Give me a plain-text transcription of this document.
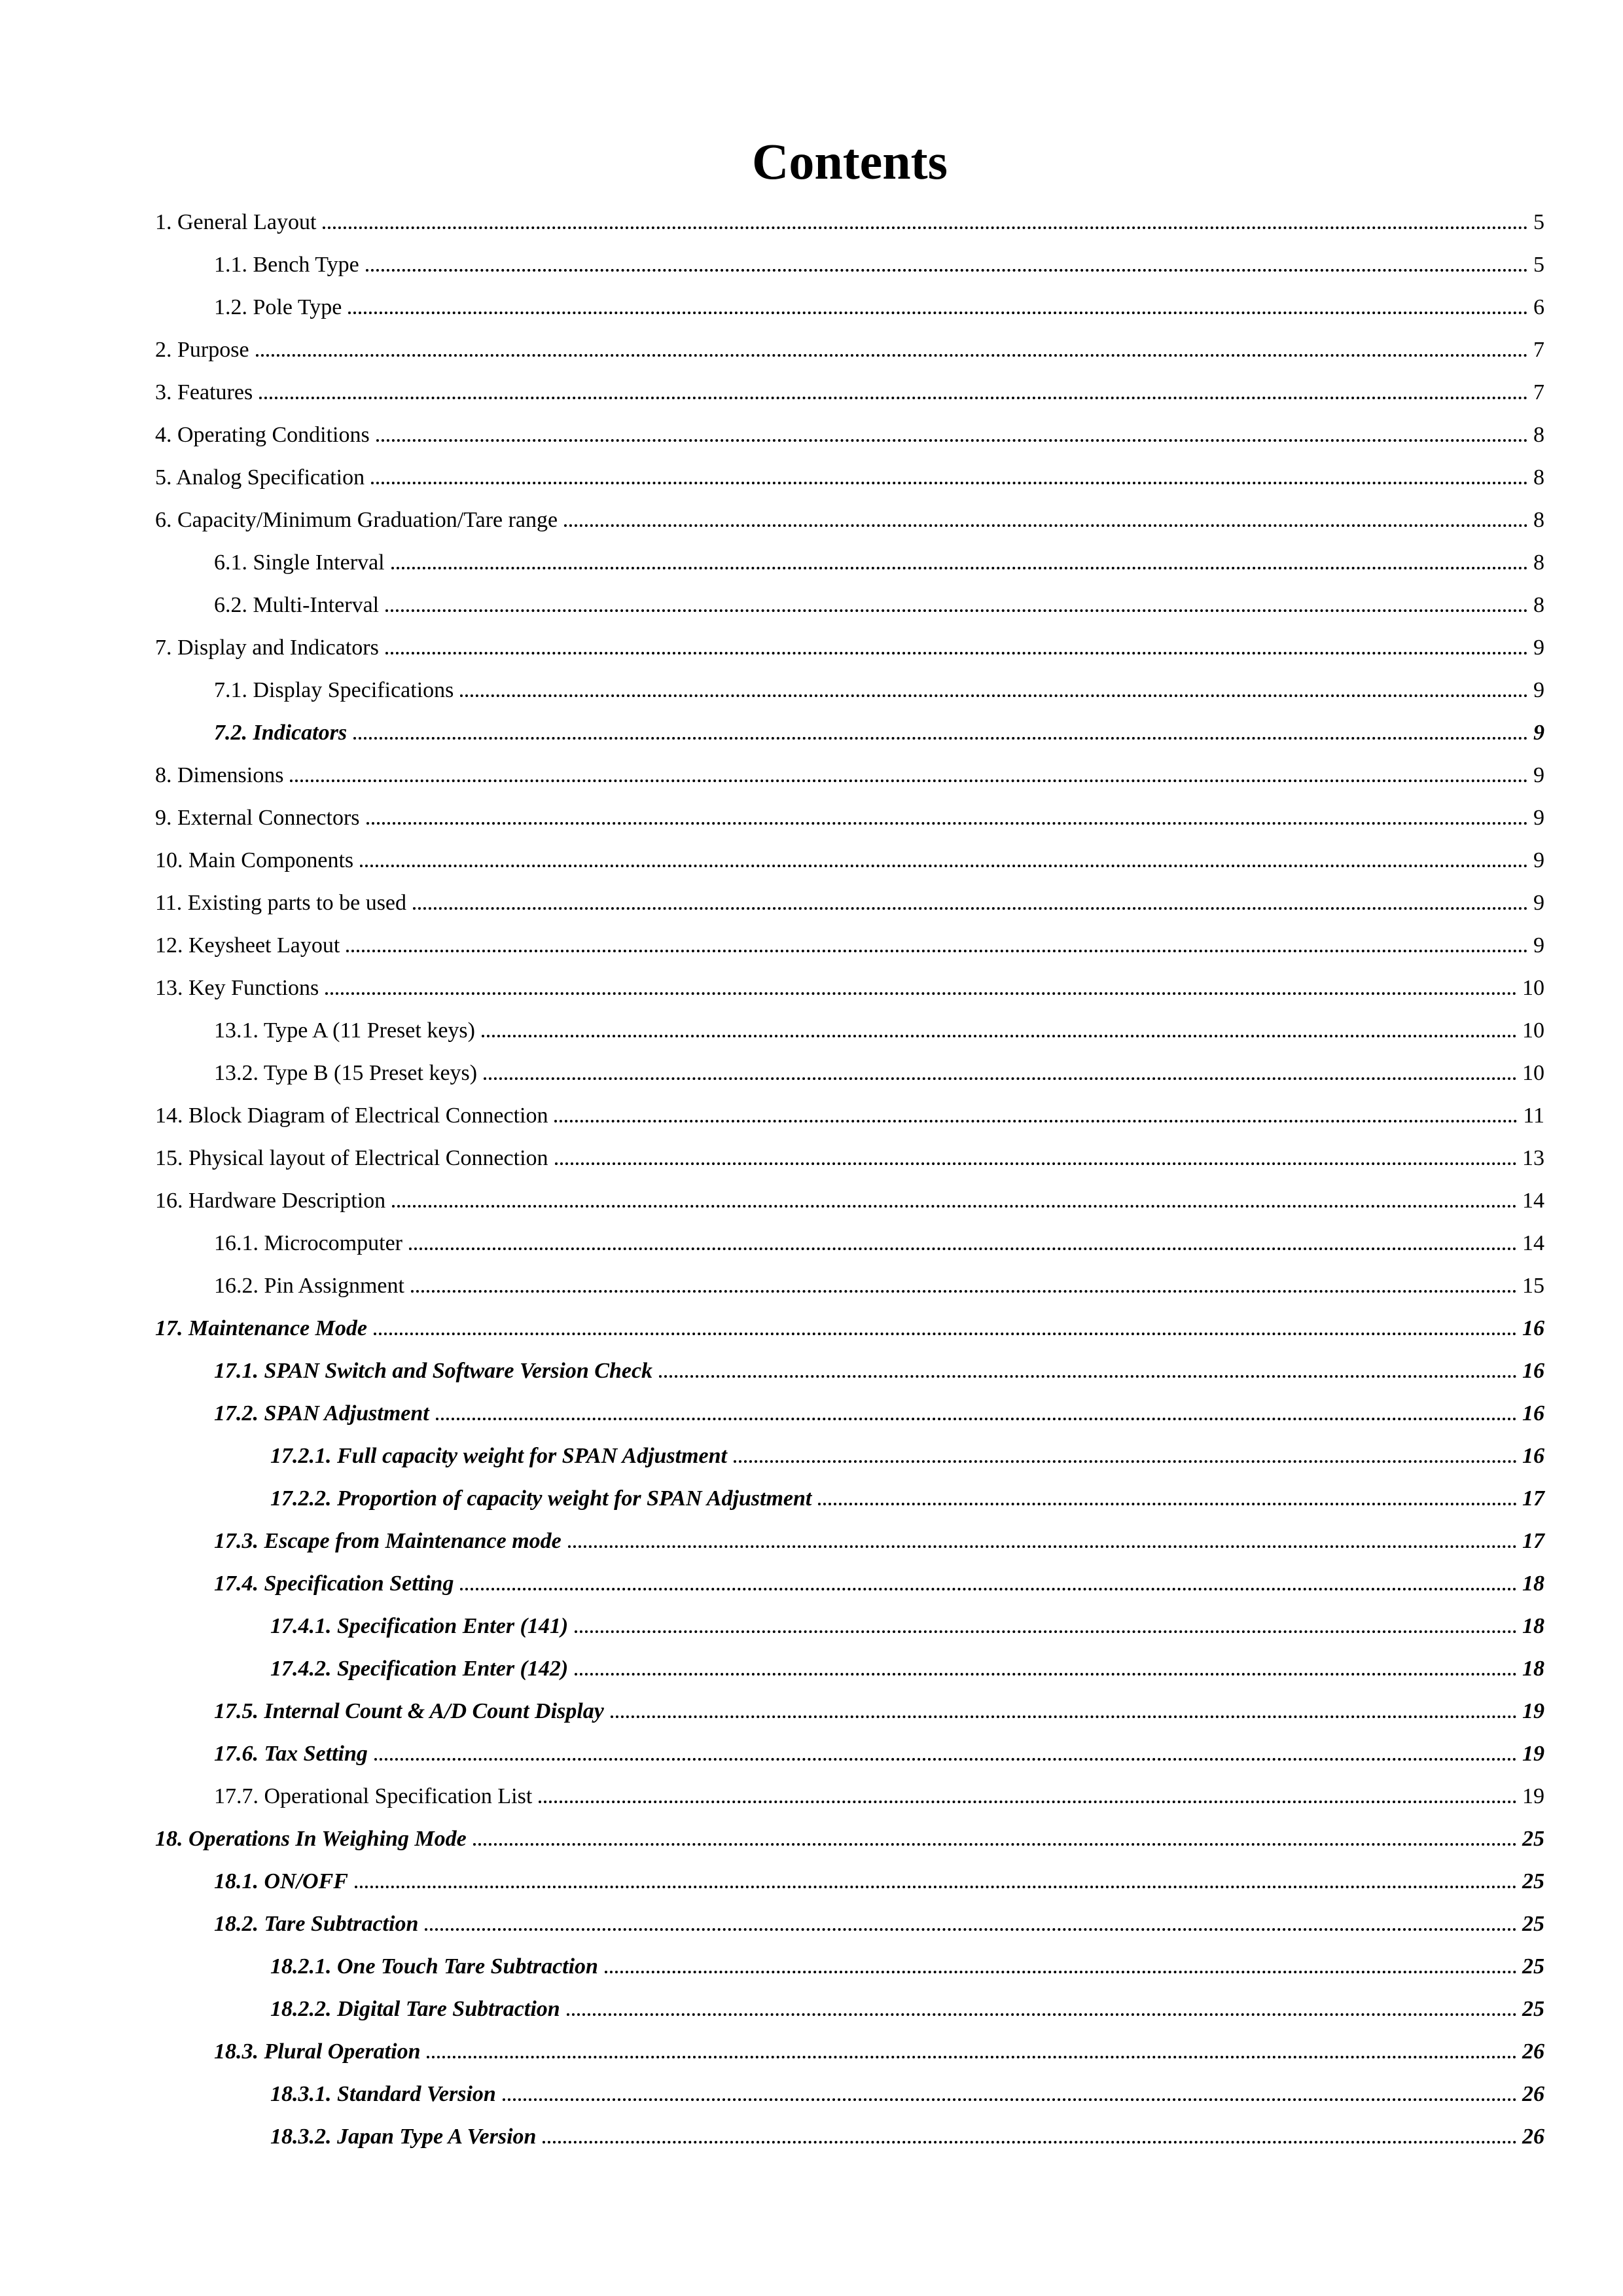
Contents
1. General Layout	5
1.1. Bench Type	5
1.2. Pole Type	6
2. Purpose	7
3. Features	7
4. Operating Conditions	8
5. Analog Specification	8
6. Capacity/Minimum Graduation/Tare range	8
6.1. Single Interval	8
6.2. Multi-Interval	8
7. Display and Indicators	9
7.1. Display Specifications	9
7.2. Indicators	9
8. Dimensions	9
9. External Connectors	9
10. Main Components	9
11. Existing parts to be used	9
12. Keysheet Layout	9
13. Key Functions	10
13.1. Type A (11 Preset keys)	10
13.2. Type B (15 Preset keys)	10
14. Block Diagram of Electrical Connection	11
15. Physical layout of Electrical Connection	13
16. Hardware Description	14
16.1. Microcomputer	14
16.2. Pin Assignment	15
17. Maintenance Mode	16
17.1. SPAN Switch and Software Version Check	16
17.2. SPAN Adjustment	16
17.2.1. Full capacity weight for SPAN Adjustment	16
17.2.2. Proportion of capacity weight for SPAN Adjustment	17
17.3. Escape from Maintenance mode	17
17.4. Specification Setting	18
17.4.1. Specification Enter (141)	18
17.4.2. Specification Enter (142)	18
17.5. Internal Count & A/D Count Display	19
17.6. Tax Setting	19
17.7. Operational Specification List	19
18. Operations In Weighing Mode	25
18.1. ON/OFF	25
18.2. Tare Subtraction	25
18.2.1. One Touch Tare Subtraction	25
18.2.2. Digital Tare Subtraction	25
18.3. Plural Operation	26
18.3.1. Standard Version	26
18.3.2. Japan Type A Version	26
